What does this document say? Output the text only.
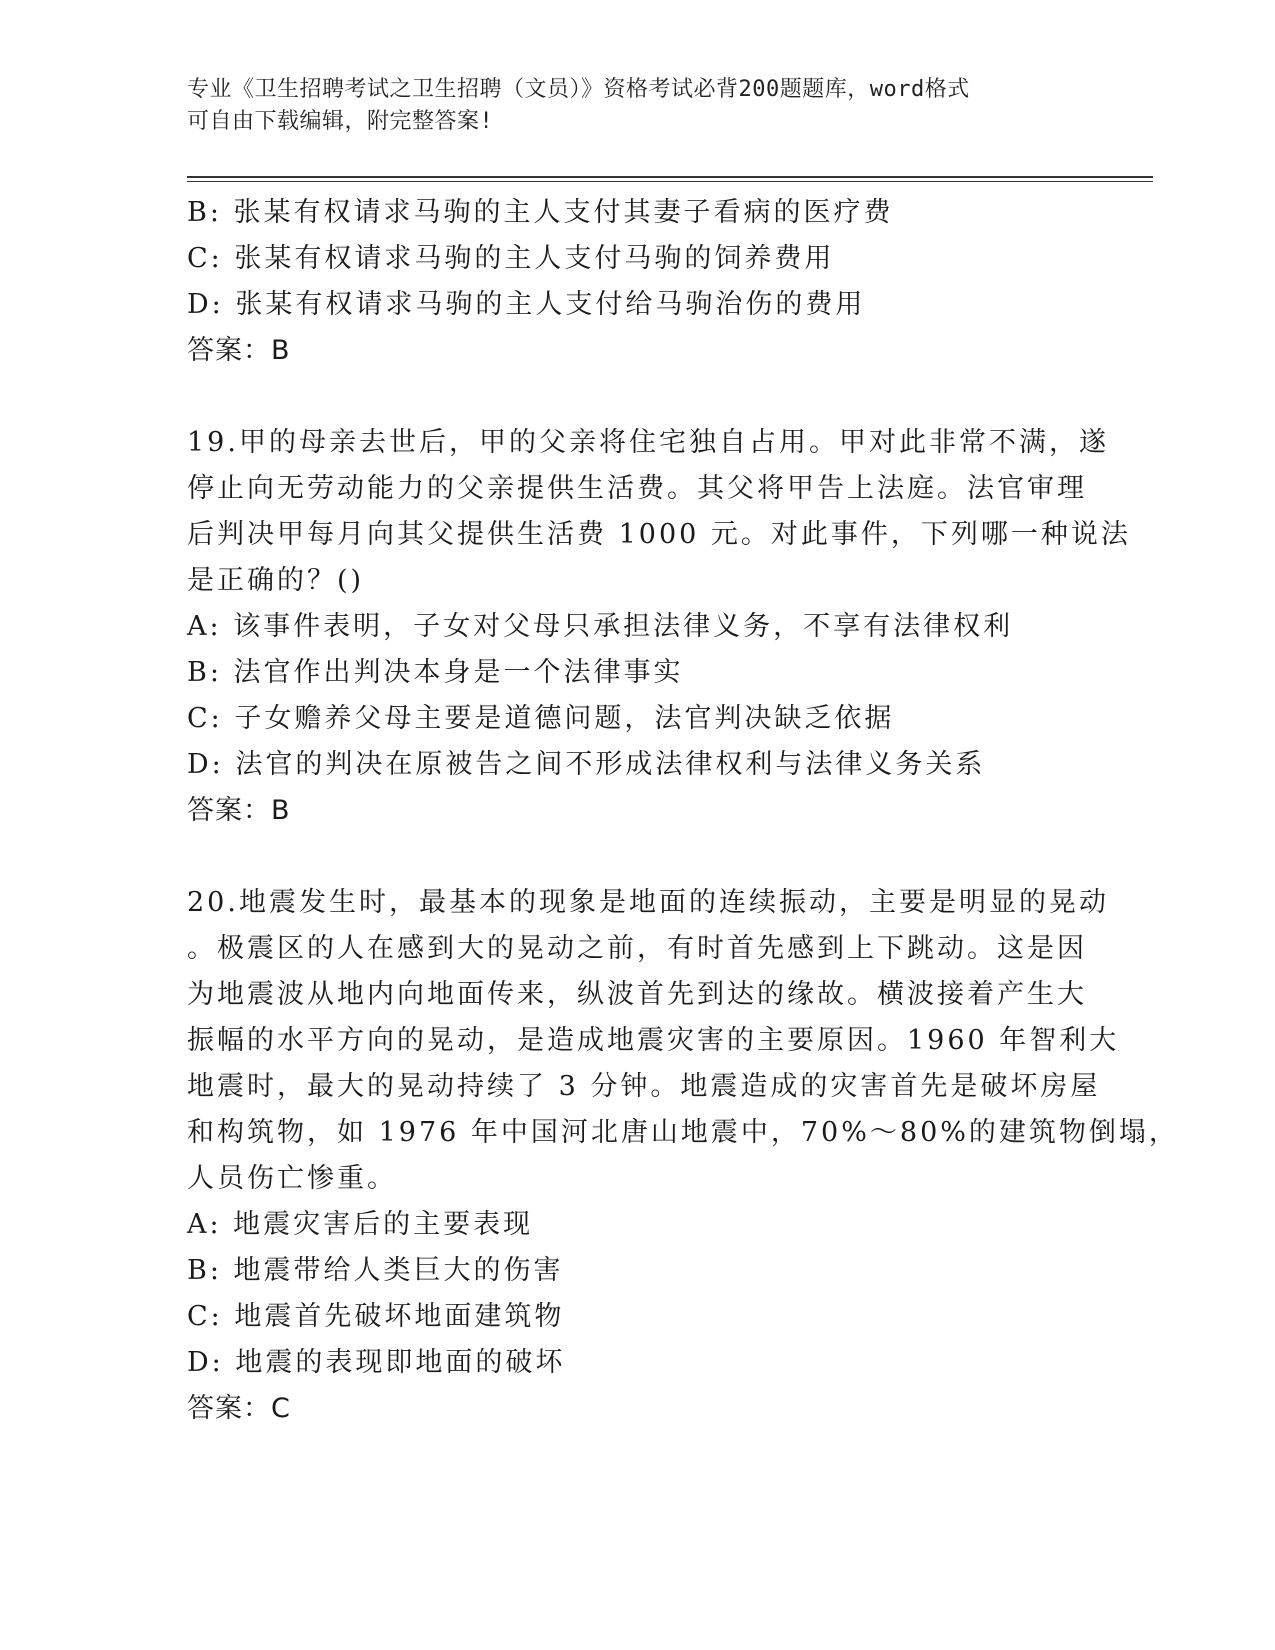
专业《卫生招聘考试之卫生招聘（文员）》资格考试必背200题题库，word格式
可自由下载编辑，附完整答案!
B: 张某有权请求马驹的主人支付其妻子看病的医疗费
C: 张某有权请求马驹的主人支付马驹的饲养费用
D: 张某有权请求马驹的主人支付给马驹治伤的费用
答案：B
19.甲的母亲去世后，甲的父亲将住宅独自占用。甲对此非常不满，遂
停止向无劳动能力的父亲提供生活费。其父将甲告上法庭。法官审理
后判决甲每月向其父提供生活费 1000 元。对此事件，下列哪一种说法
是正确的？()
A: 该事件表明，子女对父母只承担法律义务，不享有法律权利
B: 法官作出判决本身是一个法律事实
C: 子女赡养父母主要是道德问题，法官判决缺乏依据
D: 法官的判决在原被告之间不形成法律权利与法律义务关系
答案：B
20.地震发生时，最基本的现象是地面的连续振动，主要是明显的晃动
。极震区的人在感到大的晃动之前，有时首先感到上下跳动。这是因
为地震波从地内向地面传来，纵波首先到达的缘故。横波接着产生大
振幅的水平方向的晃动，是造成地震灾害的主要原因。1960 年智利大
地震时，最大的晃动持续了 3 分钟。地震造成的灾害首先是破坏房屋
和构筑物，如 1976 年中国河北唐山地震中，70%～80%的建筑物倒塌，
人员伤亡惨重。
A: 地震灾害后的主要表现
B: 地震带给人类巨大的伤害
C: 地震首先破坏地面建筑物
D: 地震的表现即地面的破坏
答案：C
